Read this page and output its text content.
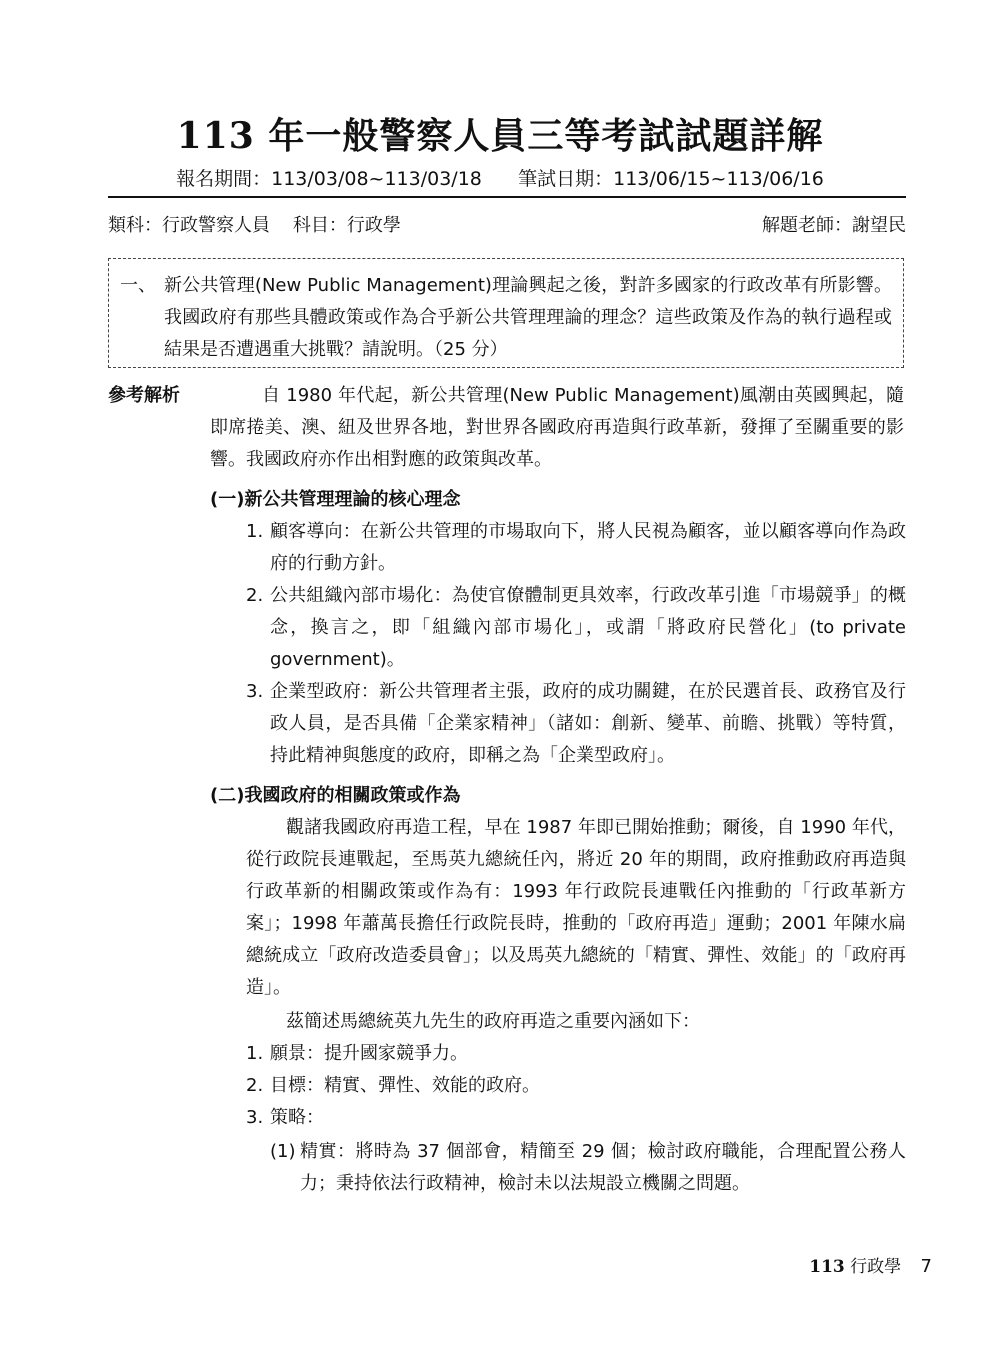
113 年一般警察人員三等考試試題詳解
報名期間：113/03/08~113/03/18      筆試日期：113/06/15~113/06/16
類科：行政警察人員    科目：行政學	解題老師：謝望民
一、 新公共管理(New Public Management)理論興起之後，對許多國家的行政改革有所影響。我國政府有那些具體政策或作為合乎新公共管理理論的理念？這些政策及作為的執行過程或結果是否遭遇重大挑戰？請說明。（25 分）
參考解析	自 1980 年代起，新公共管理(New Public Management)風潮由英國興起，隨即席捲美、澳、紐及世界各地，對世界各國政府再造與行政革新，發揮了至關重要的影響。我國政府亦作出相對應的政策與改革。
(一)新公共管理理論的核心理念
1. 顧客導向：在新公共管理的市場取向下，將人民視為顧客，並以顧客導向作為政府的行動方針。
2. 公共組織內部市場化：為使官僚體制更具效率，行政改革引進「市場競爭」的概念，換言之，即「組織內部市場化」，或謂「將政府民營化」(to private government)。
3. 企業型政府：新公共管理者主張，政府的成功關鍵，在於民選首長、政務官及行政人員，是否具備「企業家精神」（諸如：創新、變革、前瞻、挑戰）等特質，持此精神與態度的政府，即稱之為「企業型政府」。
(二)我國政府的相關政策或作為
觀諸我國政府再造工程，早在 1987 年即已開始推動；爾後，自 1990 年代，從行政院長連戰起，至馬英九總統任內，將近 20 年的期間，政府推動政府再造與行政革新的相關政策或作為有：1993 年行政院長連戰任內推動的「行政革新方案」；1998 年蕭萬長擔任行政院長時，推動的「政府再造」運動；2001 年陳水扁總統成立「政府改造委員會」；以及馬英九總統的「精實、彈性、效能」的「政府再造」。
茲簡述馬總統英九先生的政府再造之重要內涵如下：
1. 願景：提升國家競爭力。
2. 目標：精實、彈性、效能的政府。
3. 策略：
(1) 精實：將時為 37 個部會，精簡至 29 個；檢討政府職能，合理配置公務人力；秉持依法行政精神，檢討未以法規設立機關之問題。
113 行政學 7
